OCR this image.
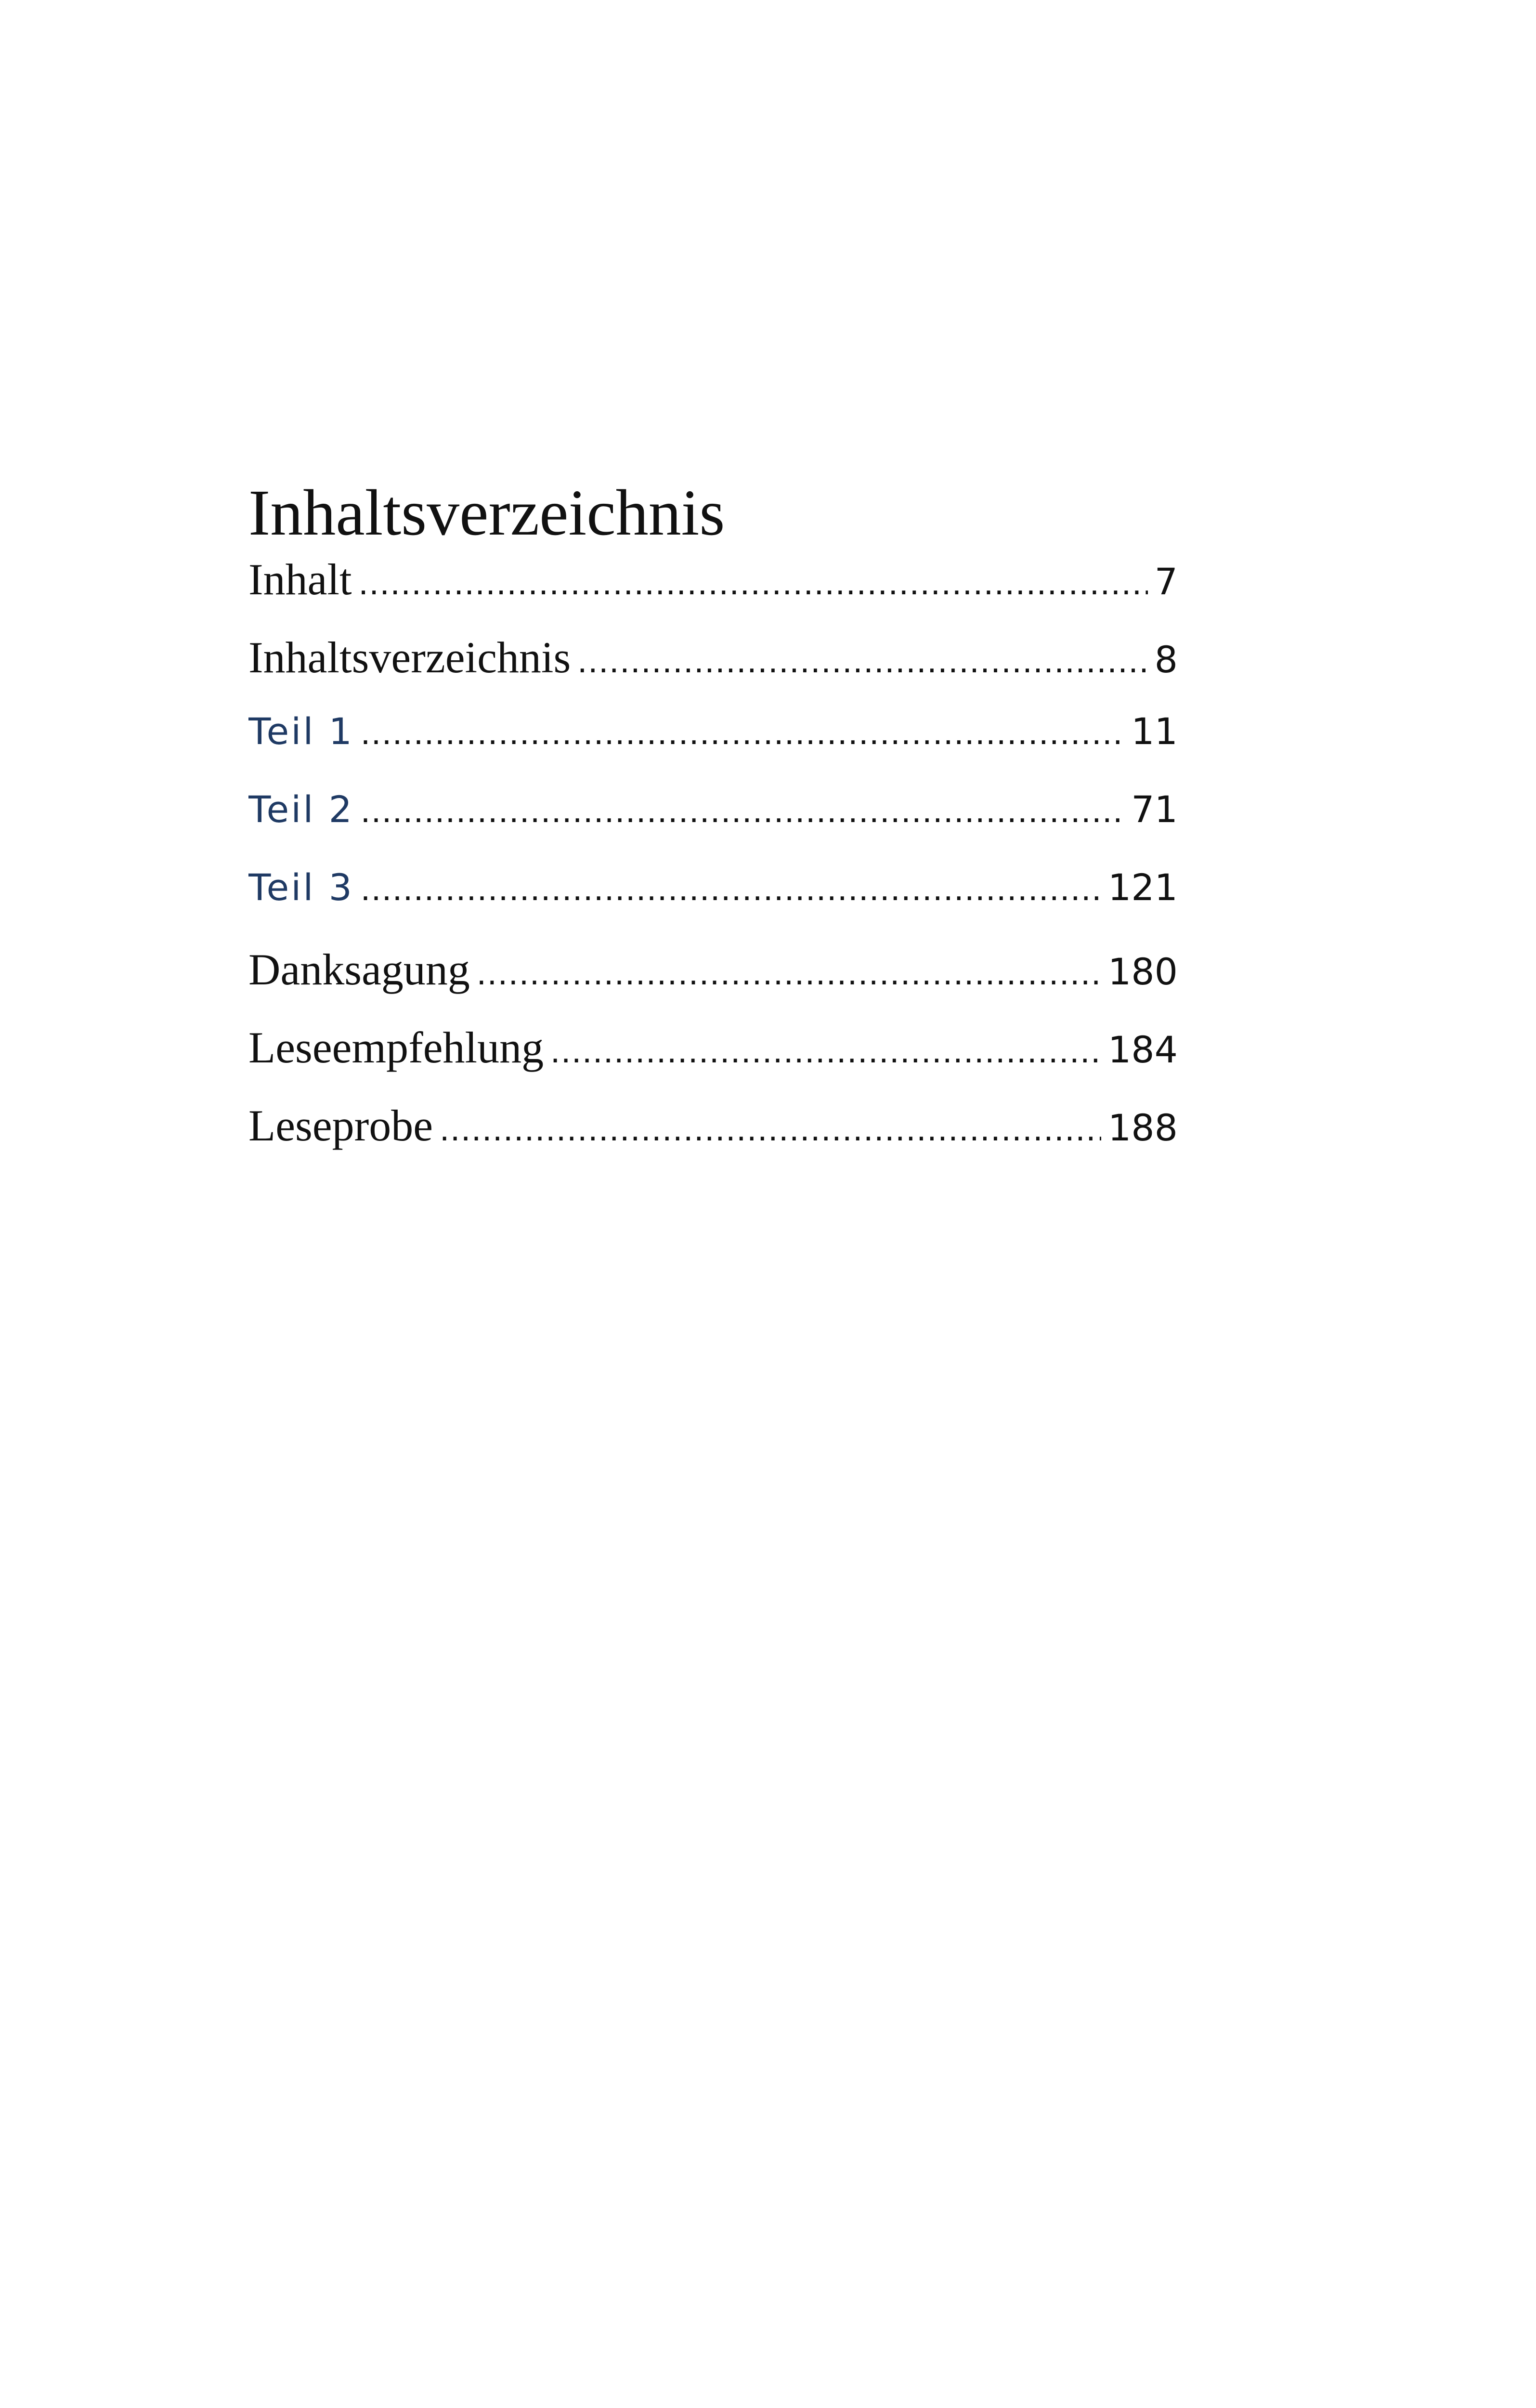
Inhaltsverzeichnis
Inhalt .....	7
Inhaltsverzeichnis .....	8
Teil 1 .....	11
Teil 2 .....	71
Teil 3 .....	121
Danksagung .....	180
Leseempfehlung .....	184
Leseprobe .....	188
